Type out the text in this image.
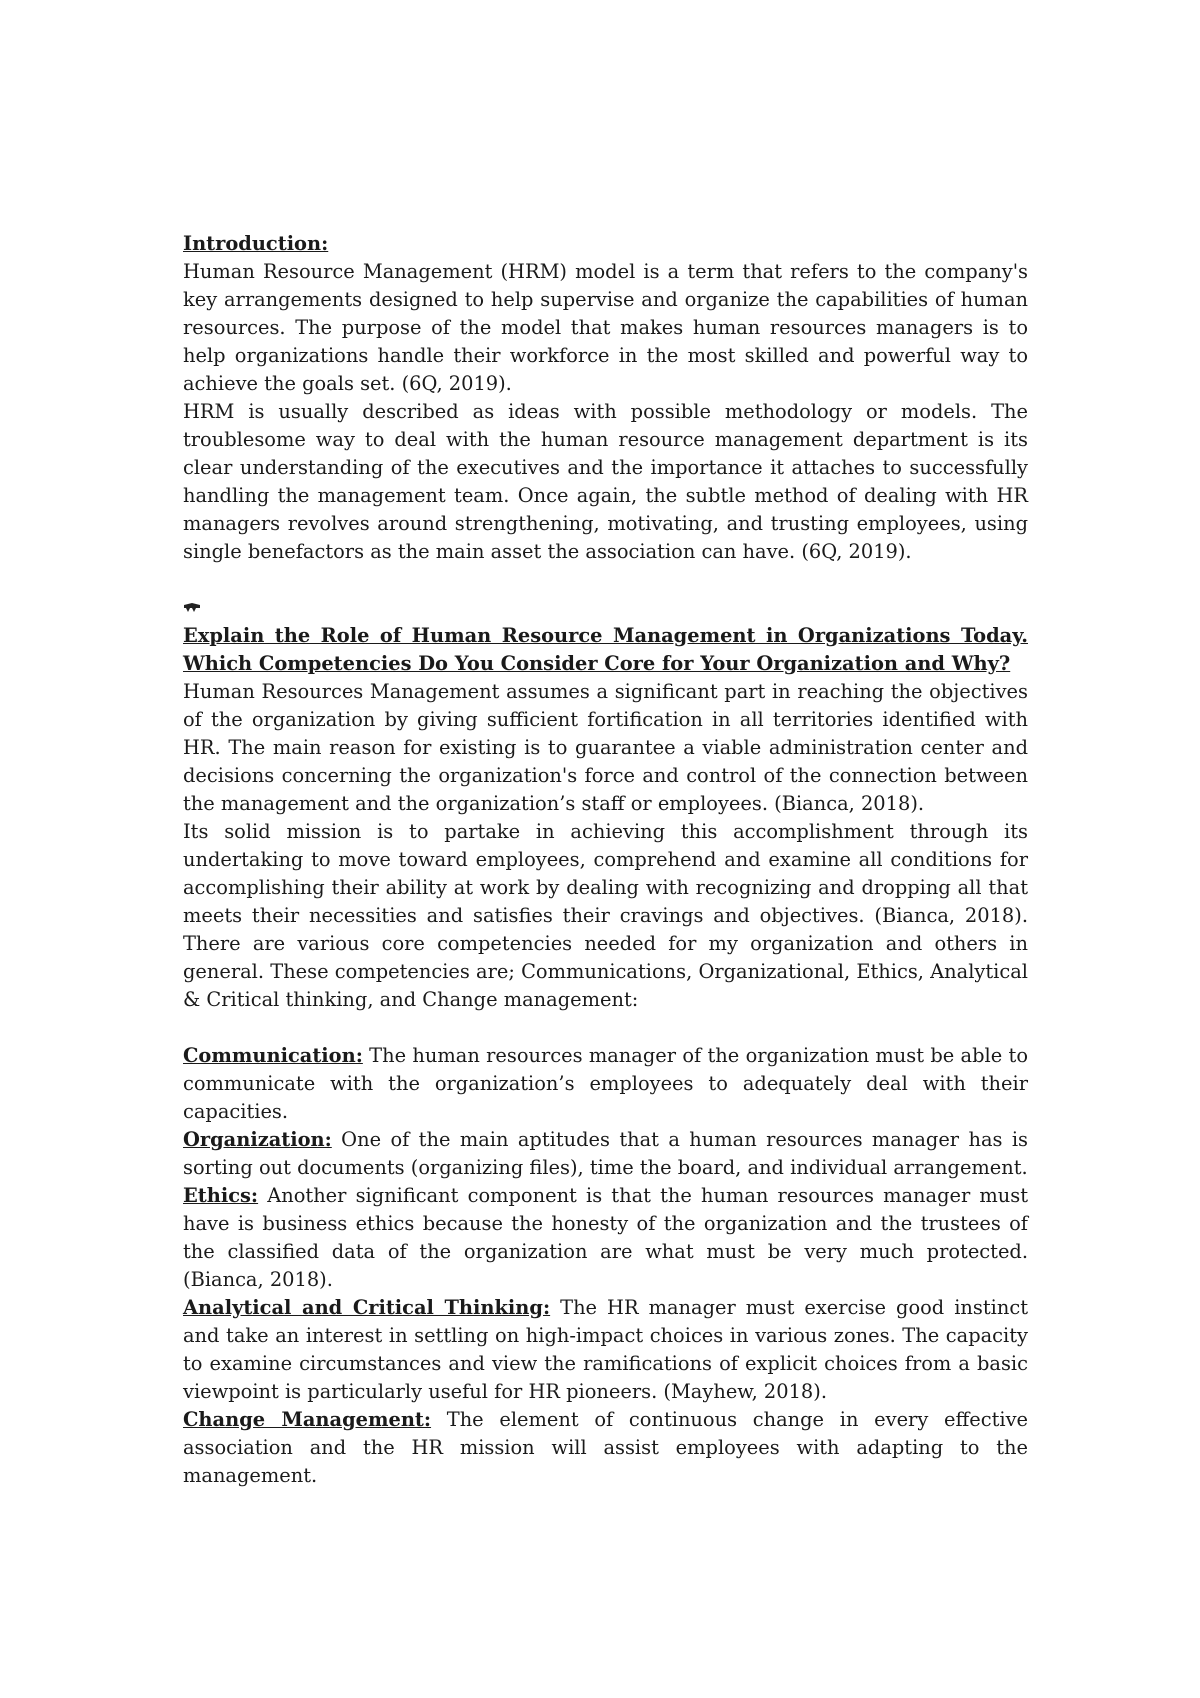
Introduction:

Human Resource Management (HRM) model is a term that refers to the company's key arrangements designed to help supervise and organize the capabilities of human resources. The purpose of the model that makes human resources managers is to help organizations handle their workforce in the most skilled and powerful way to achieve the goals set. (6Q, 2019).

HRM is usually described as ideas with possible methodology or models. The troublesome way to deal with the human resource management department is its clear understanding of the executives and the importance it attaches to successfully handling the management team. Once again, the subtle method of dealing with HR managers revolves around strengthening, motivating, and trusting employees, using single benefactors as the main asset the association can have. (6Q, 2019).

Explain the Role of Human Resource Management in Organizations Today. Which Competencies Do You Consider Core for Your Organization and Why?

Human Resources Management assumes a significant part in reaching the objectives of the organization by giving sufficient fortification in all territories identified with HR. The main reason for existing is to guarantee a viable administration center and decisions concerning the organization's force and control of the connection between the management and the organization’s staff or employees. (Bianca, 2018).

Its solid mission is to partake in achieving this accomplishment through its undertaking to move toward employees, comprehend and examine all conditions for accomplishing their ability at work by dealing with recognizing and dropping all that meets their necessities and satisfies their cravings and objectives. (Bianca, 2018). There are various core competencies needed for my organization and others in general. These competencies are; Communications, Organizational, Ethics, Analytical & Critical thinking, and Change management:

Communication: The human resources manager of the organization must be able to communicate with the organization’s employees to adequately deal with their capacities.

Organization: One of the main aptitudes that a human resources manager has is sorting out documents (organizing files), time the board, and individual arrangement.

Ethics: Another significant component is that the human resources manager must have is business ethics because the honesty of the organization and the trustees of the classified data of the organization are what must be very much protected. (Bianca, 2018).

Analytical and Critical Thinking: The HR manager must exercise good instinct and take an interest in settling on high-impact choices in various zones. The capacity to examine circumstances and view the ramifications of explicit choices from a basic viewpoint is particularly useful for HR pioneers. (Mayhew, 2018).

Change Management: The element of continuous change in every effective association and the HR mission will assist employees with adapting to the management.
